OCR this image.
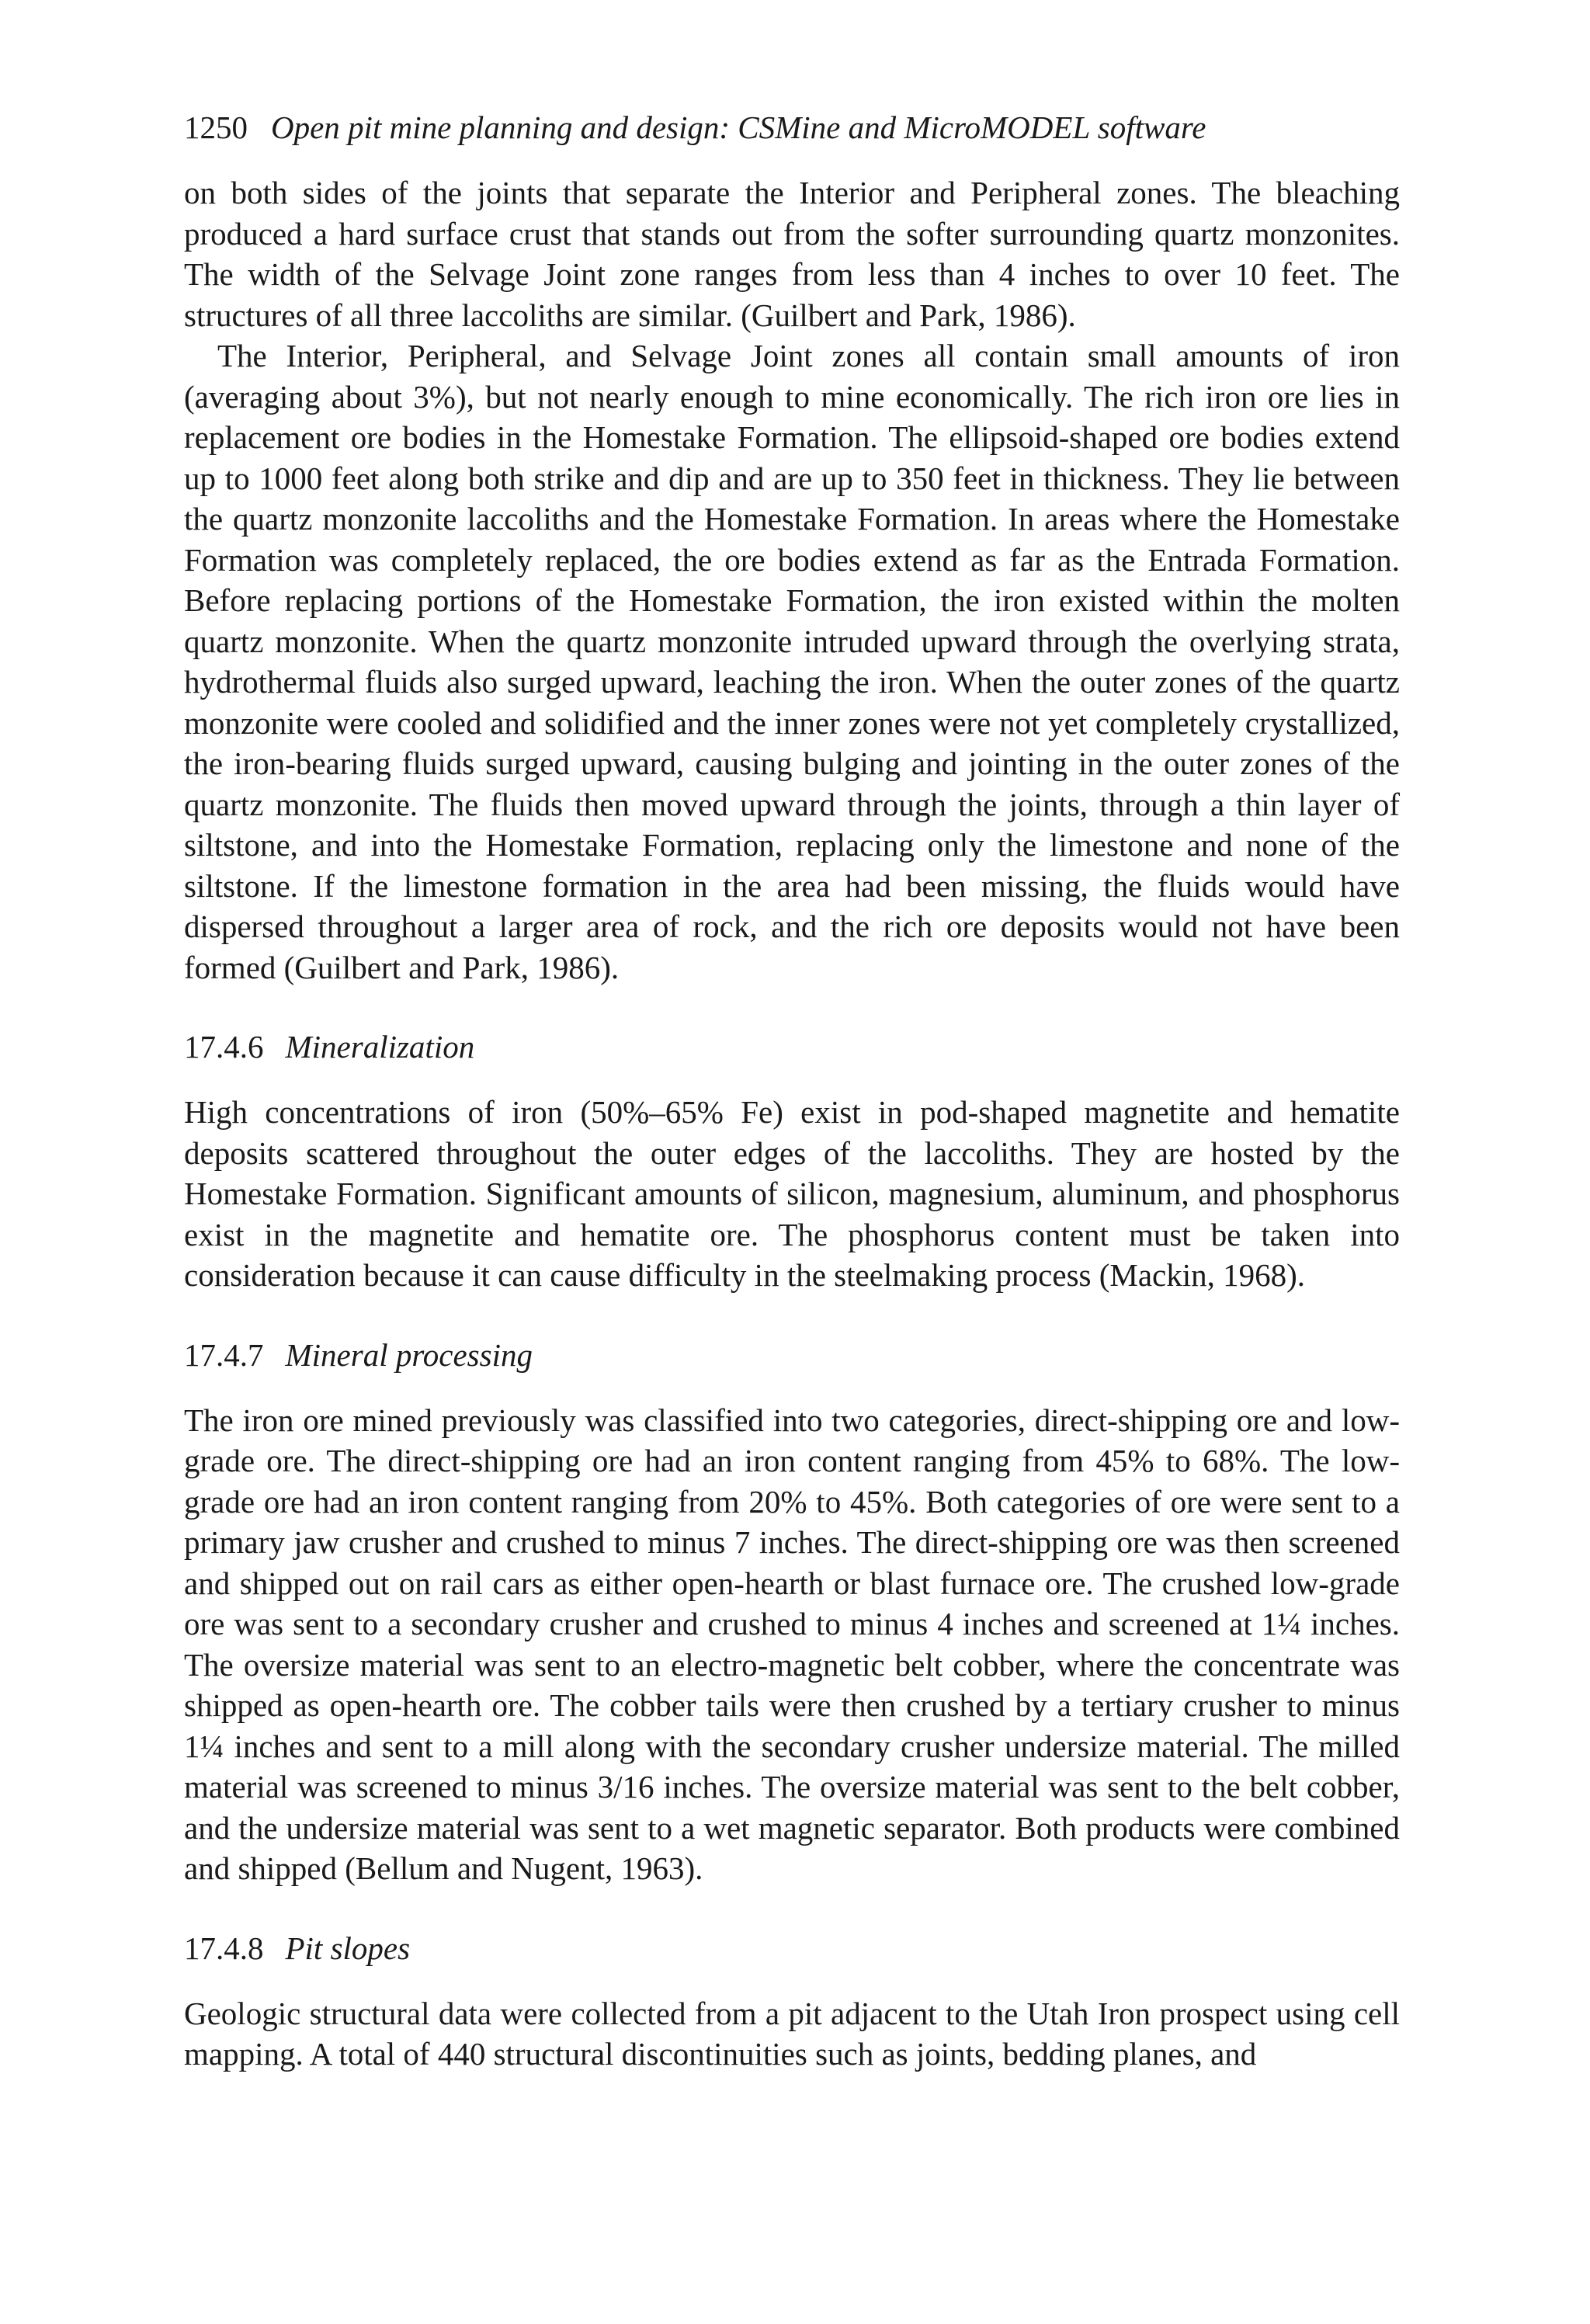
1250 Open pit mine planning and design: CSMine and MicroMODEL software

on both sides of the joints that separate the Interior and Peripheral zones. The bleaching produced a hard surface crust that stands out from the softer surrounding quartz monzonites. The width of the Selvage Joint zone ranges from less than 4 inches to over 10 feet. The structures of all three laccoliths are similar. (Guilbert and Park, 1986).

The Interior, Peripheral, and Selvage Joint zones all contain small amounts of iron (averaging about 3%), but not nearly enough to mine economically. The rich iron ore lies in replacement ore bodies in the Homestake Formation. The ellipsoid-shaped ore bodies extend up to 1000 feet along both strike and dip and are up to 350 feet in thickness. They lie between the quartz monzonite laccoliths and the Homestake Formation. In areas where the Homestake Formation was completely replaced, the ore bodies extend as far as the Entrada Formation. Before replacing portions of the Homestake Formation, the iron existed within the molten quartz monzonite. When the quartz monzonite intruded upward through the overlying strata, hydrothermal fluids also surged upward, leaching the iron. When the outer zones of the quartz monzonite were cooled and solidified and the inner zones were not yet completely crystallized, the iron-bearing fluids surged upward, causing bulging and jointing in the outer zones of the quartz monzonite. The fluids then moved upward through the joints, through a thin layer of siltstone, and into the Homestake Formation, replacing only the limestone and none of the siltstone. If the limestone formation in the area had been missing, the fluids would have dispersed throughout a larger area of rock, and the rich ore deposits would not have been formed (Guilbert and Park, 1986).

17.4.6 Mineralization

High concentrations of iron (50%–65% Fe) exist in pod-shaped magnetite and hematite deposits scattered throughout the outer edges of the laccoliths. They are hosted by the Homestake Formation. Significant amounts of silicon, magnesium, aluminum, and phosphorus exist in the magnetite and hematite ore. The phosphorus content must be taken into consideration because it can cause difficulty in the steelmaking process (Mackin, 1968).

17.4.7 Mineral processing

The iron ore mined previously was classified into two categories, direct-shipping ore and low-grade ore. The direct-shipping ore had an iron content ranging from 45% to 68%. The low-grade ore had an iron content ranging from 20% to 45%. Both categories of ore were sent to a primary jaw crusher and crushed to minus 7 inches. The direct-shipping ore was then screened and shipped out on rail cars as either open-hearth or blast furnace ore. The crushed low-grade ore was sent to a secondary crusher and crushed to minus 4 inches and screened at 1¼ inches. The oversize material was sent to an electro-magnetic belt cobber, where the concentrate was shipped as open-hearth ore. The cobber tails were then crushed by a tertiary crusher to minus 1¼ inches and sent to a mill along with the secondary crusher undersize material. The milled material was screened to minus 3/16 inches. The oversize material was sent to the belt cobber, and the undersize material was sent to a wet magnetic separator. Both products were combined and shipped (Bellum and Nugent, 1963).

17.4.8 Pit slopes

Geologic structural data were collected from a pit adjacent to the Utah Iron prospect using cell mapping. A total of 440 structural discontinuities such as joints, bedding planes, and
